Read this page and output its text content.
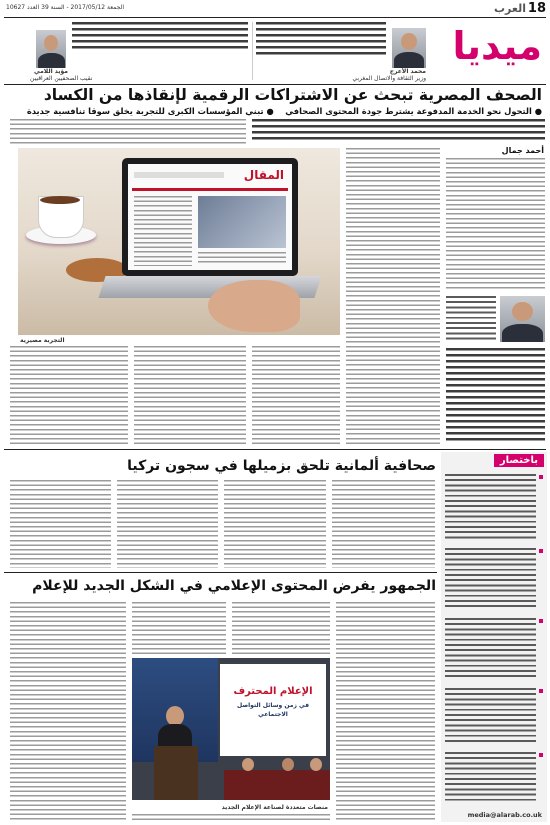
18
العرب
الجمعة 2017/05/12 - السنة 39 العدد 10627
ميديا
محمد الأعرج
وزير الثقافة والاتصال المغربي
مؤيد اللامي
نقيب الصحفيين العراقيين
الصحف المصرية تبحث عن الاشتراكات الرقمية لإنقاذها من الكساد
● التحول نحو الخدمة المدفوعة يشترط جودة المحتوى الصحافي    ● تبني المؤسسات الكبرى للتجربة يخلق سوقا تنافسية جديدة
أحمد جمال
المقال
التجربة مصيرية
باختصار
media@alarab.co.uk
صحافية ألمانية تلحق بزميلها في سجون تركيا
الجمهور يفرض المحتوى الإعلامي في الشكل الجديد للإعلام
الإعلام المحترف
في زمن وسائل التواصل الاجتماعي
منصات متعددة لصناعة الإعلام الجديد
